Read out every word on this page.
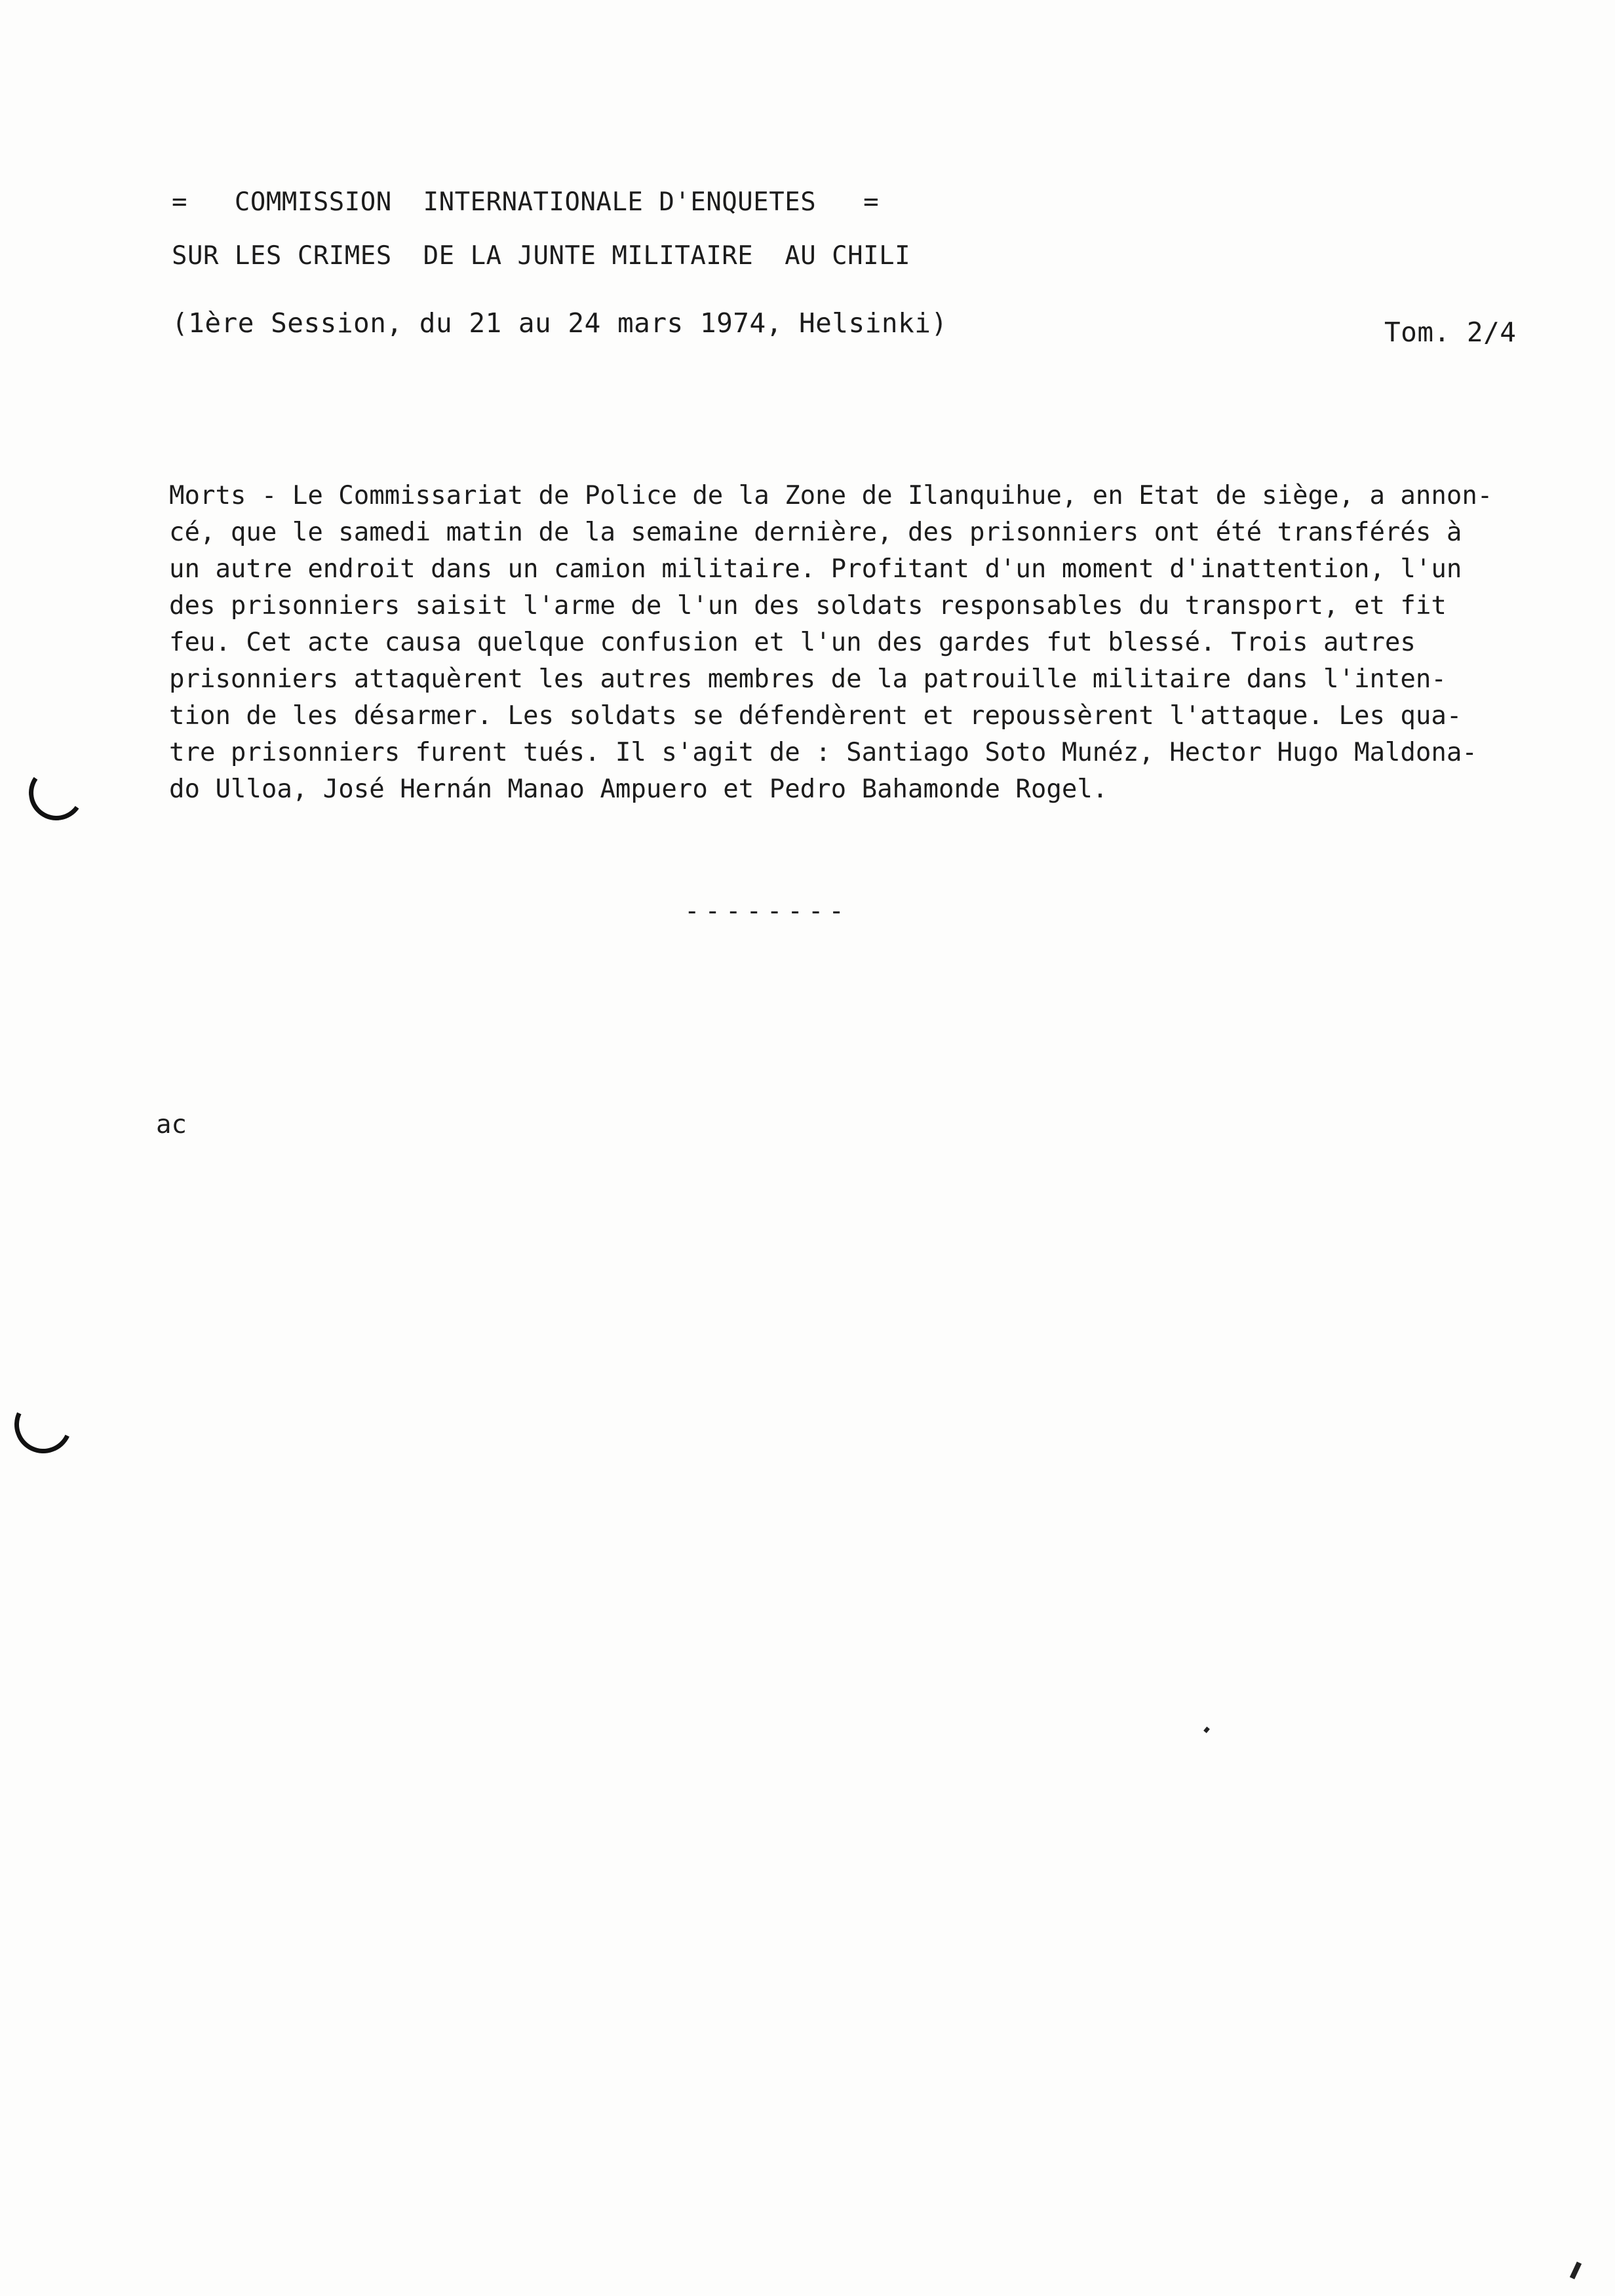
=   COMMISSION  INTERNATIONALE D'ENQUETES   =
SUR LES CRIMES  DE LA JUNTE MILITAIRE  AU CHILI
(1ère Session, du 21 au 24 mars 1974, Helsinki)	Tom. 2/4
Morts - Le Commissariat de Police de la Zone de Ilanquihue, en Etat de siège, a annon-
cé, que le samedi matin de la semaine dernière, des prisonniers ont été transférés à
un autre endroit dans un camion militaire. Profitant d'un moment d'inattention, l'un
des prisonniers saisit l'arme de l'un des soldats responsables du transport, et fit
feu. Cet acte causa quelque confusion et l'un des gardes fut blessé. Trois autres
prisonniers attaquèrent les autres membres de la patrouille militaire dans l'inten-
tion de les désarmer. Les soldats se défendèrent et repoussèrent l'attaque. Les qua-
tre prisonniers furent tués. Il s'agit de : Santiago Soto Munéz, Hector Hugo Maldona-
do Ulloa, José Hernán Manao Ampuero et Pedro Bahamonde Rogel.
--------
ac
